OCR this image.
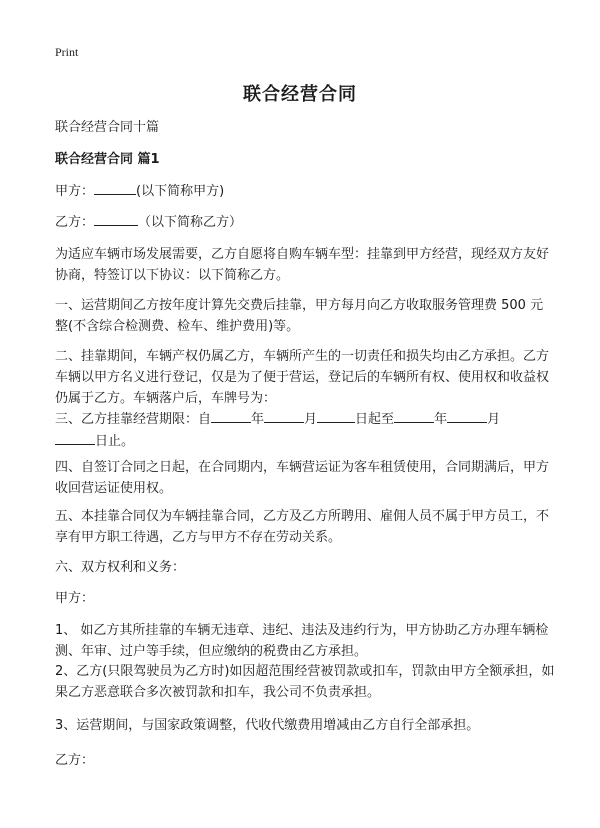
Print
联合经营合同

联合经营合同十篇

联合经营合同 篇1

甲方：	(以下简称甲方)

乙方：	（以下简称乙方）

为适应车辆市场发展需要，乙方自愿将自购车辆车型：挂靠到甲方经营，现经双方友好协商，特签订以下协议：以下简称乙方。

一、运营期间乙方按年度计算先交费后挂靠，甲方每月向乙方收取服务管理费 500 元整(不含综合检测费、检车、维护费用)等。

二、挂靠期间，车辆产权仍属乙方，车辆所产生的一切责任和损失均由乙方承担。乙方车辆以甲方名义进行登记，仅是为了便于营运，登记后的车辆所有权、使用权和收益权仍属于乙方。车辆落户后，车牌号为：

三、乙方挂靠经营期限：自	年	月	日起至	年	月
日止。

四、自签订合同之日起，在合同期内，车辆营运证为客车租赁使用，合同期满后，甲方收回营运证使用权。

五、本挂靠合同仅为车辆挂靠合同，乙方及乙方所聘用、雇佣人员不属于甲方员工，不享有甲方职工待遇，乙方与甲方不存在劳动关系。

六、双方权利和义务：

甲方：

1、 如乙方其所挂靠的车辆无违章、违纪、违法及违约行为，甲方协助乙方办理车辆检测、年审、过户等手续，但应缴纳的税费由乙方承担。

2、乙方(只限驾驶员为乙方时)如因超范围经营被罚款或扣车，罚款由甲方全额承担，如果乙方恶意联合多次被罚款和扣车，我公司不负责承担。

3、运营期间，与国家政策调整，代收代缴费用增减由乙方自行全部承担。

乙方：
